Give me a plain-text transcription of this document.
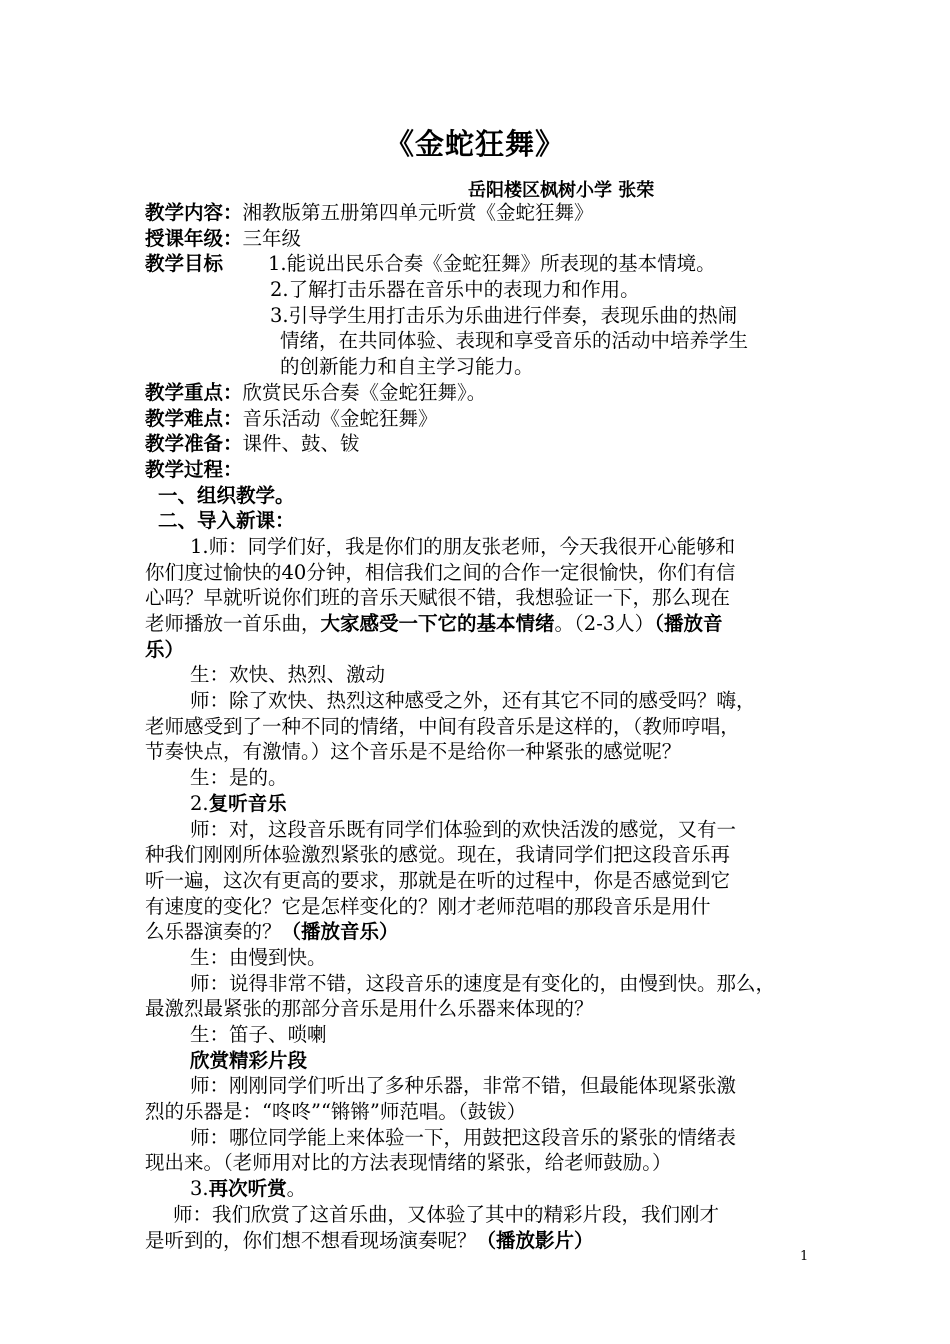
《金蛇狂舞》
岳阳楼区枫树小学 张荣
教学内容：湘教版第五册第四单元听赏《金蛇狂舞》
授课年级：三年级
教学目标 1.能说出民乐合奏《金蛇狂舞》所表现的基本情境。
2.了解打击乐器在音乐中的表现力和作用。
3.引导学生用打击乐为乐曲进行伴奏，表现乐曲的热闹
情绪，在共同体验、表现和享受音乐的活动中培养学生
的创新能力和自主学习能力。
教学重点：欣赏民乐合奏《金蛇狂舞》。
教学难点：音乐活动《金蛇狂舞》
教学准备：课件、鼓、钹
教学过程：
一、组织教学。
二、导入新课：
1.师：同学们好，我是你们的朋友张老师，今天我很开心能够和
你们度过愉快的40分钟，相信我们之间的合作一定很愉快，你们有信
心吗？早就听说你们班的音乐天赋很不错，我想验证一下，那么现在
老师播放一首乐曲，大家感受一下它的基本情绪。（2-3人）（播放音
乐）
生：欢快、热烈、激动
师：除了欢快、热烈这种感受之外，还有其它不同的感受吗？嗨，
老师感受到了一种不同的情绪，中间有段音乐是这样的，（教师哼唱，
节奏快点，有激情。）这个音乐是不是给你一种紧张的感觉呢？
生：是的。
2.复听音乐
师：对，这段音乐既有同学们体验到的欢快活泼的感觉，又有一
种我们刚刚所体验激烈紧张的感觉。现在，我请同学们把这段音乐再
听一遍，这次有更高的要求，那就是在听的过程中，你是否感觉到它
有速度的变化？它是怎样变化的？刚才老师范唱的那段音乐是用什
么乐器演奏的？（播放音乐）
生：由慢到快。
师：说得非常不错，这段音乐的速度是有变化的，由慢到快。那么，
最激烈最紧张的那部分音乐是用什么乐器来体现的？
生：笛子、唢喇
欣赏精彩片段
师：刚刚同学们听出了多种乐器，非常不错，但最能体现紧张激
烈的乐器是：“咚咚”“锵锵”师范唱。（鼓钹）
师：哪位同学能上来体验一下，用鼓把这段音乐的紧张的情绪表
现出来。（老师用对比的方法表现情绪的紧张，给老师鼓励。）
3.再次听赏。
师：我们欣赏了这首乐曲，又体验了其中的精彩片段，我们刚才
是听到的，你们想不想看现场演奏呢？（播放影片）
1
